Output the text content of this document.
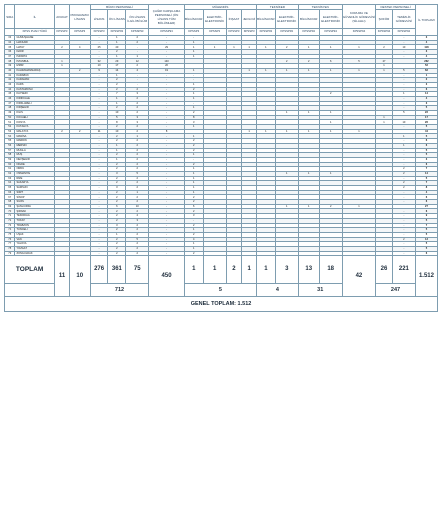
SIRA	İL	AVUKAT	PROGRAMCI LİSANS	BÜRO PERSONELİ			ÇAĞRI KARŞILAMA PERSONELİ (ÖN LİSANS TÜM BÖLÜMLER)	MÜHENDİS				TEKNİKER		TEKNİSYEN		KORUMA VE GÜVENLİK GÖREVLİSİ (SİLAHLI)	DESTEK PERSONELİ		İL TOPLAMI
				LİSANS	ÖN LİSANS	ÖN LİSANS İLGİLİ BÖLÜM		BİLGİSAYAR	ELEKTRİK-ELEKTRONİK	İNŞAAT	JEOLOJİ	BİLGİSAYAR	ELEKTRİK-ELEKTRONİK	BİLGİSAYAR	ELEKTRİK-ELEKTRONİK		ŞOFÖR	TEMİZLİK GÖREVLİSİ	
	KPSS PUAN TÜRÜ	KPSSP3	KPSSP3	KPSSP3	KPSSP93	KPSSP93	KPSSP93	KPSSP3	KPSSP3	KPSSP3	KPSSP3	KPSSP93	KPSSP93	KPSSP94	KPSSP94	KPSSP94	KPSSP94	KPSSP94	
33	GÜMÜŞHANE			-	1	2	-	-										-	3
34	HAKKARİ			-	1	2	-	1										-	4
35	HATAY	2	4	25	40	-	29	1	1	1	1	1	2	1	1	1	2	10	118
36	IĞDIR			-	2	-	-	1										-	3
37	ISPARTA			-	1	1	-	1										-	4
38	İSTANBUL	1		32	29	12	140						2	2	6	5	27		262
39	İZMİR	1		10	17	2	20										1		52
40	KAHRAMANMARAŞ		2	9	14	4	19	1			1	1	1	1	1	1	1	5	62
41	KARABÜK			-	1	-	-	-										-	1
42	KARAMAN			-	2	-	-	-										-	2
43	KARS			-	2	-	-	1										-	3
44	KASTAMONU			-	2	2	-	2										-	6
45	KAYSERİ			-	7	3	-	1							2			1	14
46	KIRIKKALE			-	1	2	-	1										-	4
47	KIRKLARELİ			-	1	2	-	-										-	3
48	KIRŞEHİR			-	2	2	-	1										-	5
49	KİLİS			-	10	2	-	2					1	1	1			5	22
50	KOCAELİ			-	5	3	-	8									1		17
51	KONYA			-	8	3	-	3							1		1	10	26
52	KÜTAHYA			-	2	2	-	1										-	5
53	MALATYA	2	2	11	10	2	8				1	1	1	1	1	1			44
54	MANİSA			-	2	1	-	1										1	5
55	MARDİN			-	2	2	-	2										-	6
56	MERSİN			-	1	2	-	2										1	6
57	MUĞLA			-	1	2	-	2										-	5
58	MUŞ			-	2	2	-	1										-	5
59	NEVŞEHİR			-	1	2	-	-										-	3
60	NİĞDE			-	2	2	-	2										-	6
61	ORDU			-	2	2	-	1										2	7
62	OSMANİYE			-	3	5	-	1					1	1	1			2	14
63	RİZE			-	2	2	-	1										-	5
64	SAKARYA			-	2	2	-	1										2	7
65	SAMSUN			-	3	2	-	1										2	8
66	SİİRT			-	2	1	-	1										-	4
67	SİNOP			-	2	2	-	2										-	6
68	SİVAS			-	2	2	-	2										-	6
69	ŞANLIURFA			-	6	10	-	6					1	1	2	1			27
70	ŞIRNAK			-	2	2	-	2										-	6
71	TEKİRDAĞ			-	2	4	-	3										-	9
72	TOKAT			-	2	3	-	-										-	5
73	TRABZON			-	3	2	-	2										-	7
74	TUNCELİ			-	2	2	-	1										-	5
75	UŞAK			-	1	2	-	2										-	5
76	VAN			-	2	5	-	4										2	13
77	YALOVA			-	2	2	-	1										-	5
78	YOZGAT			-	2	2	-	1										-	5
79	ZONGULDAK			-	2	2	-	2										-	6
TOPLAM		11	10	276	361	75	450	1	1	2	1	1	3	13	18	42	26	221	1.512
				712				5				4		31			247		
GENEL TOPLAM: 1.512																			
